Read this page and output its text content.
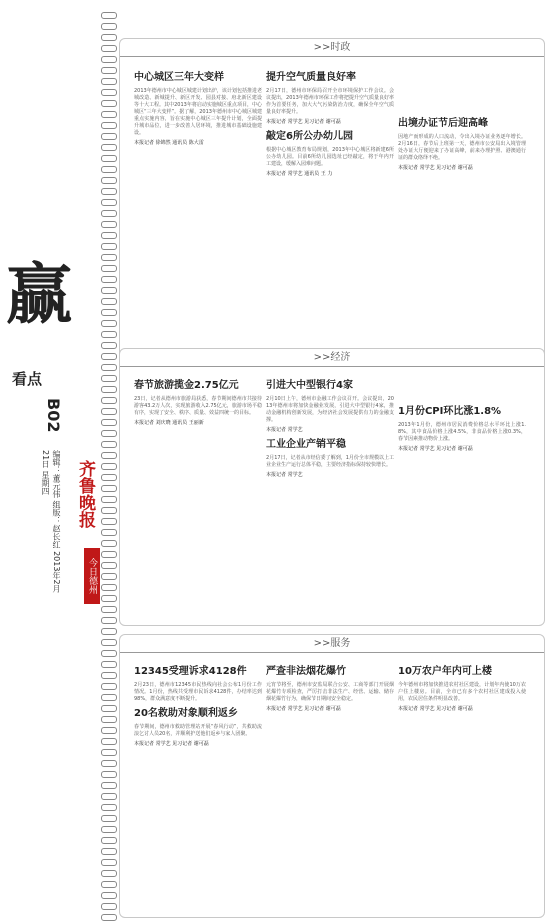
赢
看点
B02
编辑：董元伟 组版：赵长红 2013年2月21日 星期四	齐鲁晚报
今日德州
>>时政
中心城区三年大变样
2013年德州市中心城区城建计划出炉，该计划包括推进老城改造、新城提升、新区开发、园县对接、府北新区建设等十大工程。其中2013年将启动实施城区重点项目，中心城区“三年大变样”。据了解，2013年德州市中心城区城建重点实施内容，旨在实施中心城区三年提升计划，全面提升城市品位，进一步改善人居环境，推进城市基础设施建设。
本报记者 徐锦然 通讯员 陈大雷
提升空气质量良好率
2月17日，德州市环保局召开全市环境保护工作会议。会议提出，2013年德州市环保工作将把提升空气质量良好率作为首要任务，加大大气污染防治力度，确保全年空气质量良好率提升。
本报记者 常学艺 见习记者 谢可磊
敲定6所公办幼儿园
根据中心城区教育布局规划，2013年中心城区将新建6所公办幼儿园。目前6所幼儿园选址已经敲定，将于年内开工建设，缓解入园难问题。
本报记者 常学艺 通讯员 王 力
出境办证节后迎高峰
因地产而形成的人口流动，令出入境办证业务逐年增长。2月16日，春节后上班第一天，德州市公安局出入境管理处办证大厅便迎来了办证高峰，前来办理护照、港澳通行证的群众络绎不绝。
本报记者 常学艺 见习记者 谢可磊
>>经济
春节旅游揽金2.75亿元
23日，记者从德州市旅游局获悉，春节期间德州市共接待游客43.2万人次，实现旅游收入2.75亿元，旅游市场平稳有序，实现了安全、秩序、质量、效益四统一的目标。
本报记者 刘庆晓 通讯员 王丽新
引进大中型银行4家
2月10日上午，德州市金融工作会议召开。会议提出，2013年德州市将加快金融业发展，引进大中型银行4家，推动金融机构创新发展，为经济社会发展提供有力的金融支撑。
本报记者 常学艺
工业企业产销平稳
2月17日，记者从市经信委了解到，1月份全市规模以上工业企业生产运行总体平稳，主要经济指标保持较快增长。
本报记者 常学艺
1月份CPI环比涨1.8%
2013年1月份，德州市居民消费价格总水平环比上涨1.8%，其中食品价格上涨4.5%，非食品价格上涨0.3%，春节因素推动物价上涨。
本报记者 常学艺 见习记者 谢可磊
>>服务
12345受理诉求4128件
2月23日，德州市12345市民热线向社会公布1月份工作情况。1月份，热线共受理市民诉求4128件，办结率达到98%，群众满意度不断提升。
20名救助对象顺利返乡
春节期间，德州市救助管理站开展“春风行动”，共救助流浪乞讨人员20名，并顺利护送他们返乡与家人团聚。
本报记者 常学艺 见习记者 谢可磊
严查非法烟花爆竹
元宵节将至，德州市安监局联合公安、工商等部门开展烟花爆竹专项检查，严厉打击非法生产、经营、运输、储存烟花爆竹行为，确保节日期间安全稳定。
本报记者 常学艺 见习记者 谢可磊
10万农户年内可上楼
今年德州市将加快推进农村社区建设，计划年内使10万农户住上楼房。目前，全市已有多个农村社区建成投入使用，农民居住条件明显改善。
本报记者 常学艺 见习记者 谢可磊
